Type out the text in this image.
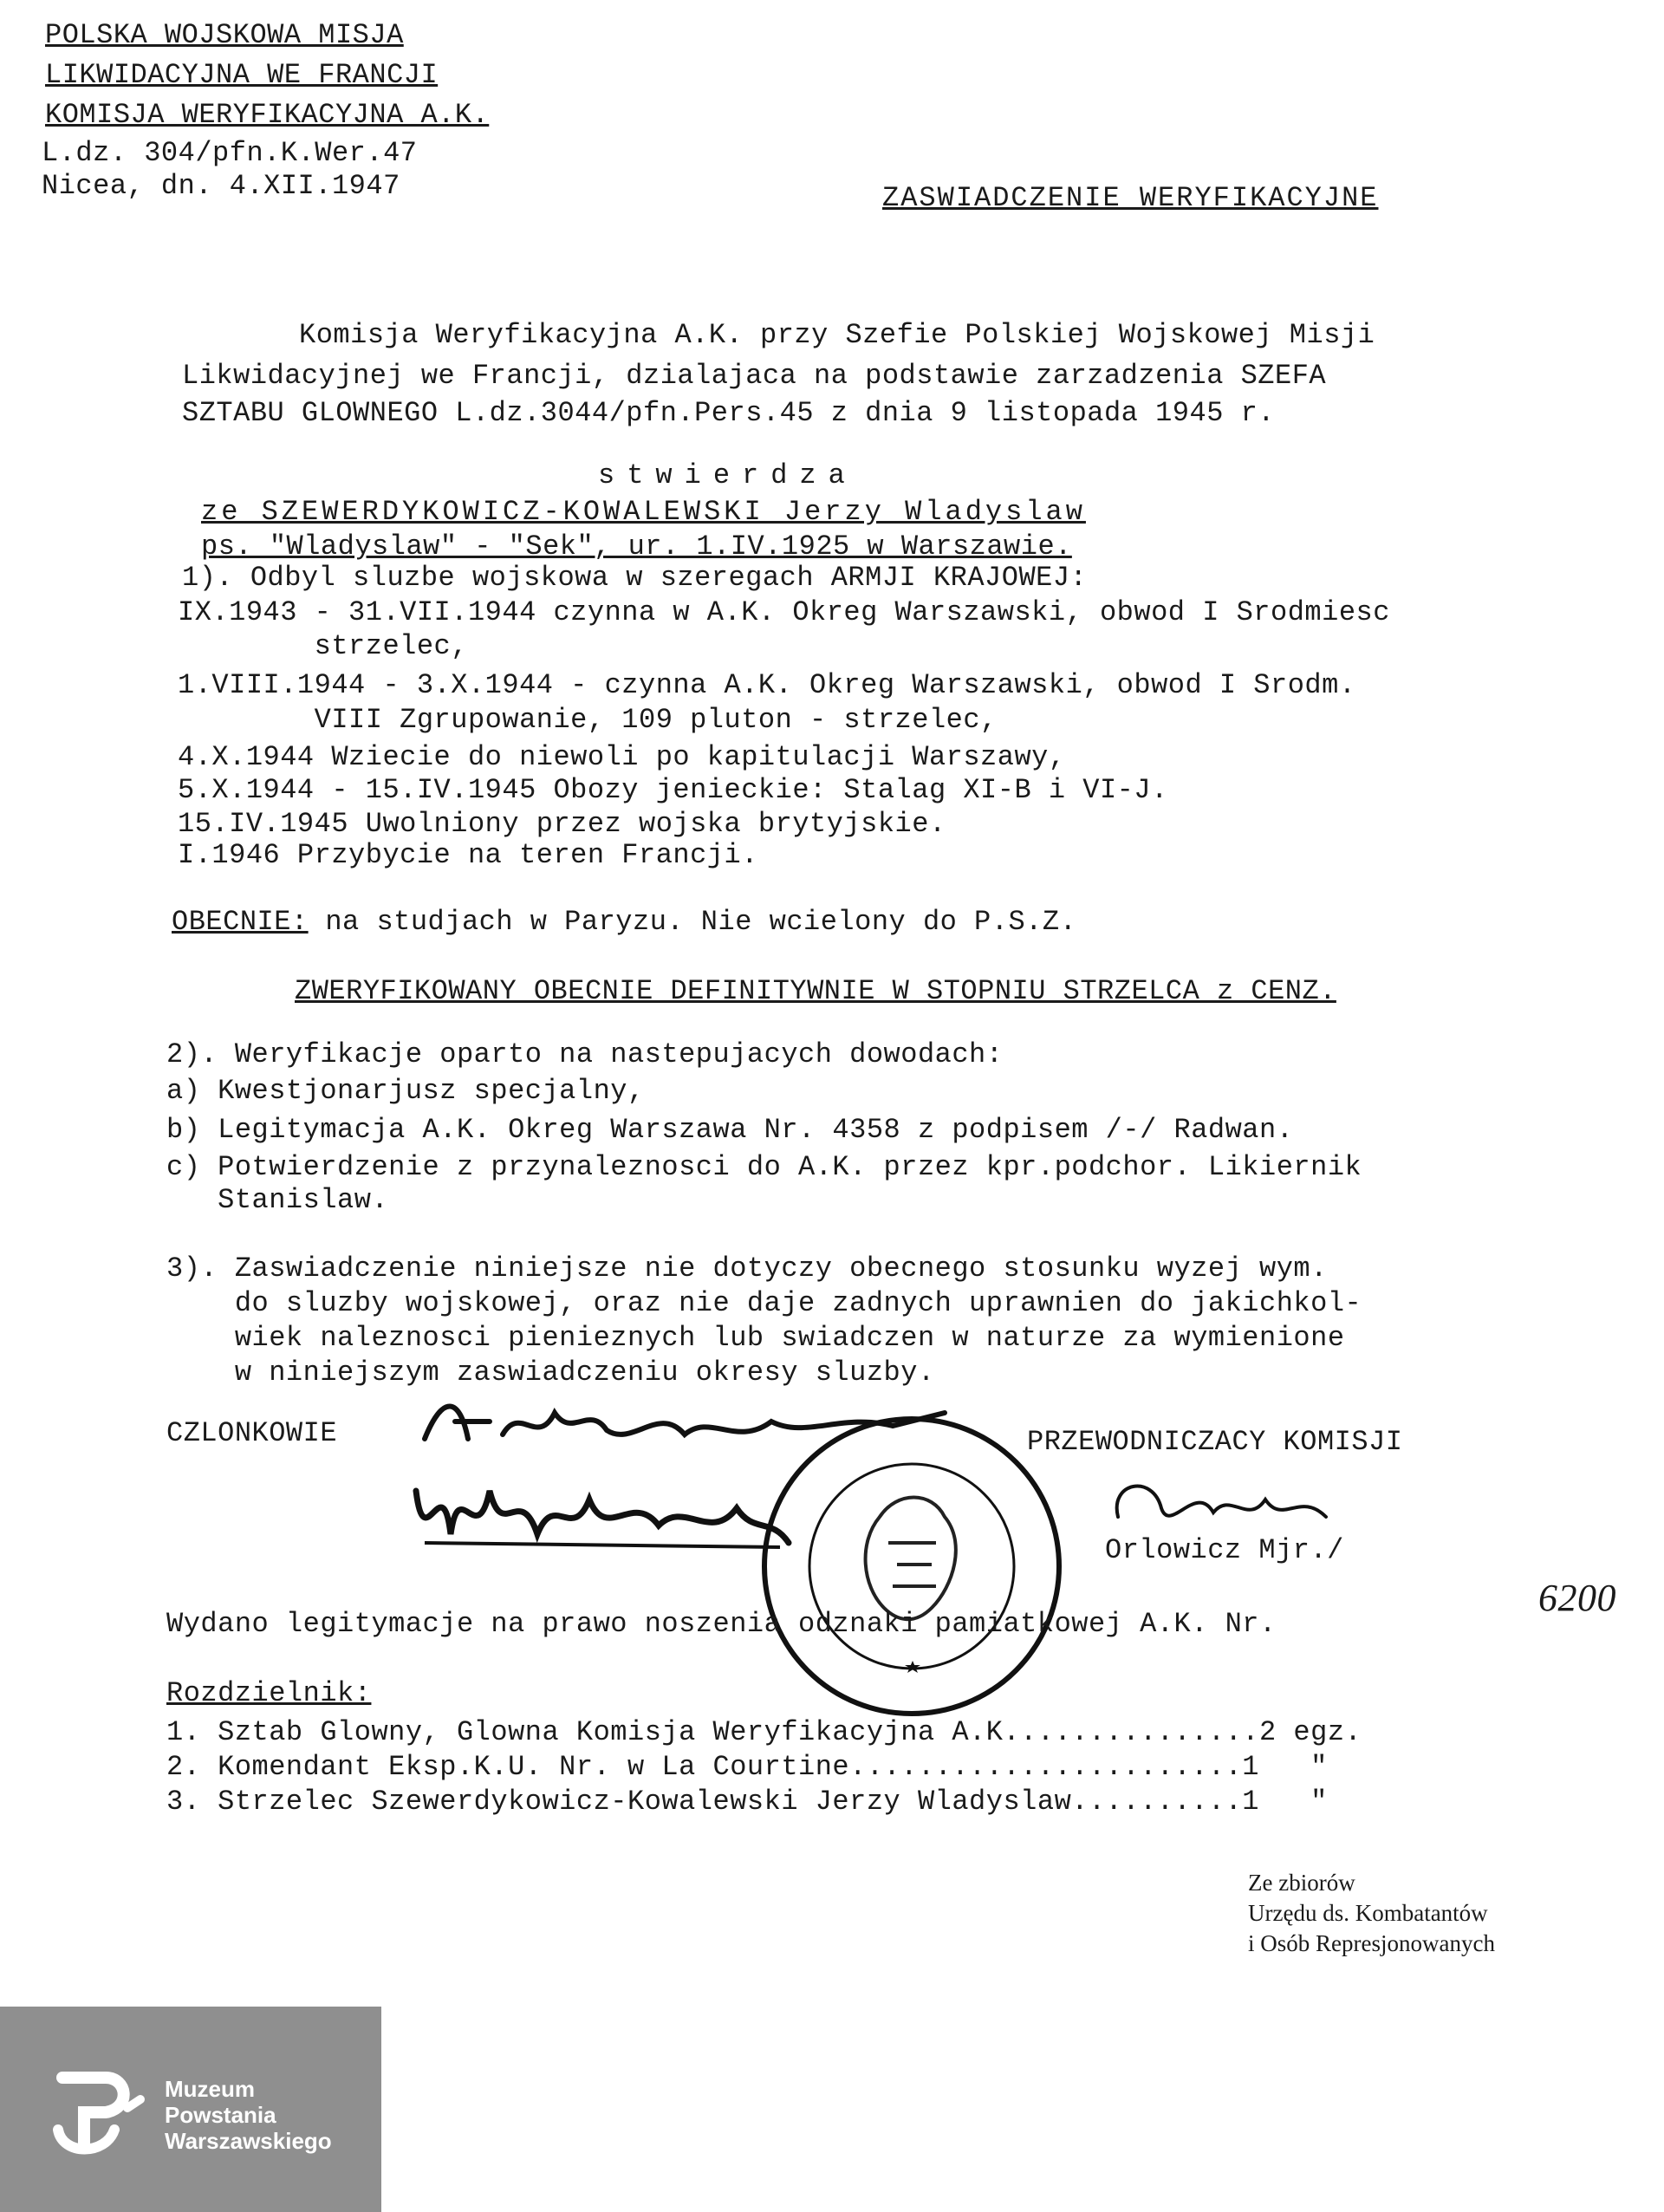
POLSKA WOJSKOWA MISJA
LIKWIDACYJNA WE FRANCJI
KOMISJA WERYFIKACYJNA A.K.
L.dz. 304/pfn.K.Wer.47
Nicea, dn. 4.XII.1947	ZASWIADCZENIE WERYFIKACYJNE
Komisja Weryfikacyjna A.K. przy Szefie Polskiej Wojskowej Misji
Likwidacyjnej we Francji, dzialajaca na podstawie zarzadzenia SZEFA
SZTABU GLOWNEGO L.dz.3044/pfn.Pers.45 z dnia 9 listopada 1945 r.
stwierdza
ze SZEWERDYKOWICZ-KOWALEWSKI Jerzy Wladyslaw
ps. "Wladyslaw" - "Sek", ur. 1.IV.1925 w Warszawie.
1). Odbyl sluzbe wojskowa w szeregach ARMJI KRAJOWEJ:
IX.1943 - 31.VII.1944 czynna w A.K. Okreg Warszawski, obwod I Srodmiesc
strzelec,
1.VIII.1944 - 3.X.1944 - czynna A.K. Okreg Warszawski, obwod I Srodm.
VIII Zgrupowanie, 109 pluton - strzelec,
4.X.1944 Wziecie do niewoli po kapitulacji Warszawy,
5.X.1944 - 15.IV.1945 Obozy jenieckie: Stalag XI-B i VI-J.
15.IV.1945 Uwolniony przez wojska brytyjskie.
I.1946 Przybycie na teren Francji.
OBECNIE: na studjach w Paryzu. Nie wcielony do P.S.Z.
ZWERYFIKOWANY OBECNIE DEFINITYWNIE W STOPNIU STRZELCA z CENZ.
2). Weryfikacje oparto na nastepujacych dowodach:
a) Kwestjonarjusz specjalny,
b) Legitymacja A.K. Okreg Warszawa Nr. 4358 z podpisem /-/ Radwan.
c) Potwierdzenie z przynaleznosci do A.K. przez kpr.podchor. Likiernik
Stanislaw.
3). Zaswiadczenie niniejsze nie dotyczy obecnego stosunku wyzej wym.
do sluzby wojskowej, oraz nie daje zadnych uprawnien do jakichkol-
wiek naleznosci pienieznych lub swiadczen w naturze za wymienione
w niniejszym zaswiadczeniu okresy sluzby.
CZLONKOWIE	PRZEWODNICZACY KOMISJI
Orlowicz Mjr./
Wydano legitymacje na prawo noszenia odznaki pamiatkowej A.K. Nr.
6200
Rozdzielnik:
1. Sztab Glowny, Glowna Komisja Weryfikacyjna A.K...............2 egz.
2. Komendant Eksp.K.U. Nr. w La Courtine.......................1   "
3. Strzelec Szewerdykowicz-Kowalewski Jerzy Wladyslaw..........1   "
Ze zbiorów
Urzędu ds. Kombatantów
i Osób Represjonowanych
Muzeum
Powstania
Warszawskiego
